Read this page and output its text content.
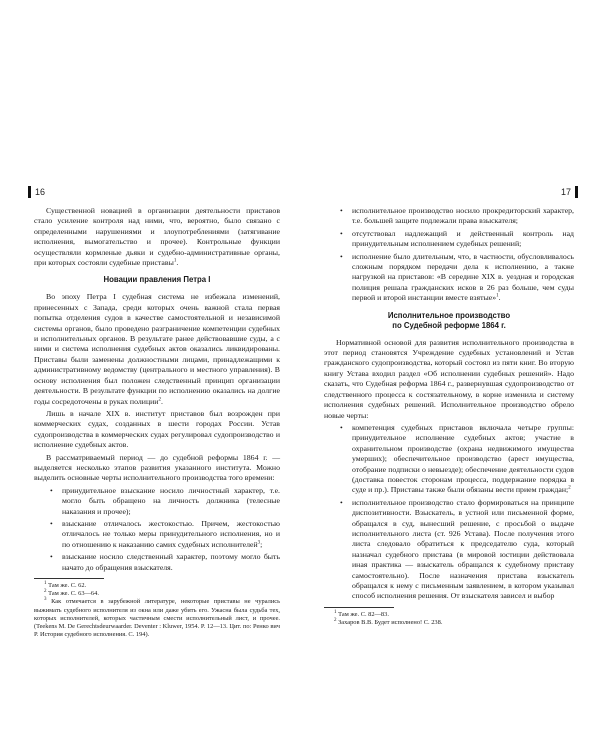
16

Существенной новацией в организации деятельности приставов стало усиление контроля над ними, что, вероятно, было связано с определенными нарушениями и злоупотреблениями (затягивание исполнения, вымогательство и прочее). Контрольные функции осуществляли кормленые дьяки и судебно-административные органы, при которых состояли судебные приставы$^1$.

Новации правления Петра I

Во эпоху Петра I судебная система не избежала изменений, принесенных с Запада, среди которых очень важной стала первая попытка отделения судов в качестве самостоятельной и независимой системы органов, было проведено разграничение компетенции судебных и исполнительных органов. В результате ранее действовавшие суды, а с ними и система исполнения судебных актов оказались ликвидированы. Приставы были заменены должностными лицами, принадлежащими к административному ведомству (центрального и местного управления). В основу исполнения был положен следственный принцип организации деятельности. В результате функции по исполнению оказались на долгие годы сосредоточены в руках полиции$^2$.

Лишь в начале XIX в. институт приставов был возрожден при коммерческих судах, созданных в шести городах России. Устав судопроизводства в коммерческих судах регулировал судопроизводство и исполнение судебных актов.

В рассматриваемый период — до судебной реформы 1864 г. — выделяется несколько этапов развития указанного института. Можно выделить основные черты исполнительного производства того времени:

• принудительное взыскание носило личностный характер, т.е. могло быть обращено на личность должника (телесные наказания и прочее);
• взыскание отличалось жестокостью. Причем, жестокостью отличалось не только меры принудительного исполнения, но и по отношению к наказанию самих судебных исполнителей$^3$;
• взыскание носило следственный характер, поэтому могло быть начато до обращения взыскателя.

$^1$ Там же. С. 62.

$^2$ Там же. С. 63—64.

$^3$ Как отмечается в зарубежной литературе, некоторые приставы не чурались выжимать судебного исполнителя из окна или даже убить его. Ужасна была судьба тех, которых исполнителей, которых частичным смести исполнительный лист, и прочее. (Teekens M. De Gerechtsdeurwaarder. Deventer : Kluwer, 1954. P. 12—13. Цит. по: Ренко вич Р. История судебного исполнения. С. 194).

17
• исполнительное производство носило прокредиторский характер, т.е. большей защите подлежали права взыскателя;
• отсутствовал надлежащий и действенный контроль над принудительным исполнением судебных решений;
• исполнение было длительным, что, в частности, обусловливалось сложным порядком передачи дела к исполнению, а также нагрузкой на приставов: «В середине XIX в. уездная и городская полиция решала гражданских исков в 26 раз больше, чем суды первой и второй инстанции вместе взятые»$^1$.
Исполнительное производство
по Судебной реформе 1864 г.

Нормативной основой для развития исполнительного производства в этот период становятся Учреждение судебных установлений и Устав гражданского судопроизводства, который состоял из пяти книг. Во вторую книгу Устава входил раздел «Об исполнении судебных решений». Надо сказать, что Судебная реформа 1864 г., развернувшая судопроизводство от следственного процесса к состязательному, в корне изменила и систему исполнения судебных решений. Исполнительное производство обрело новые черты:

• компетенция судебных приставов включала четыре группы: принудительное исполнение судебных актов; участие в охранительном производстве (охрана недвижимого имущества умерших); обеспечительное производство (арест имущества, отобрание подписки о невыезде); обеспечение деятельности судов (доставка повесток сторонам процесса, поддержание порядка в суде и пр.). Приставы также были обязаны вести прием граждан;$^2$
• исполнительное производство стало формироваться на принципе диспозитивности. Взыскатель, в устной или письменной форме, обращался в суд, вынесший решение, с просьбой о выдаче исполнительного листа (ст. 926 Устава). После получения этого листа следовало обратиться к председателю суда, который назначал судебного пристава (в мировой юстиции действовала иная практика — взыскатель обращался к судебному приставу самостоятельно). После назначения пристава взыскатель обращался к нему с письменным заявлением, в котором указывал способ исполнения решения. От взыскателя зависел и выбор

$^1$ Там же. С. 82—83.

$^2$ Захаров В.В. Будет исполнено! С. 238.
